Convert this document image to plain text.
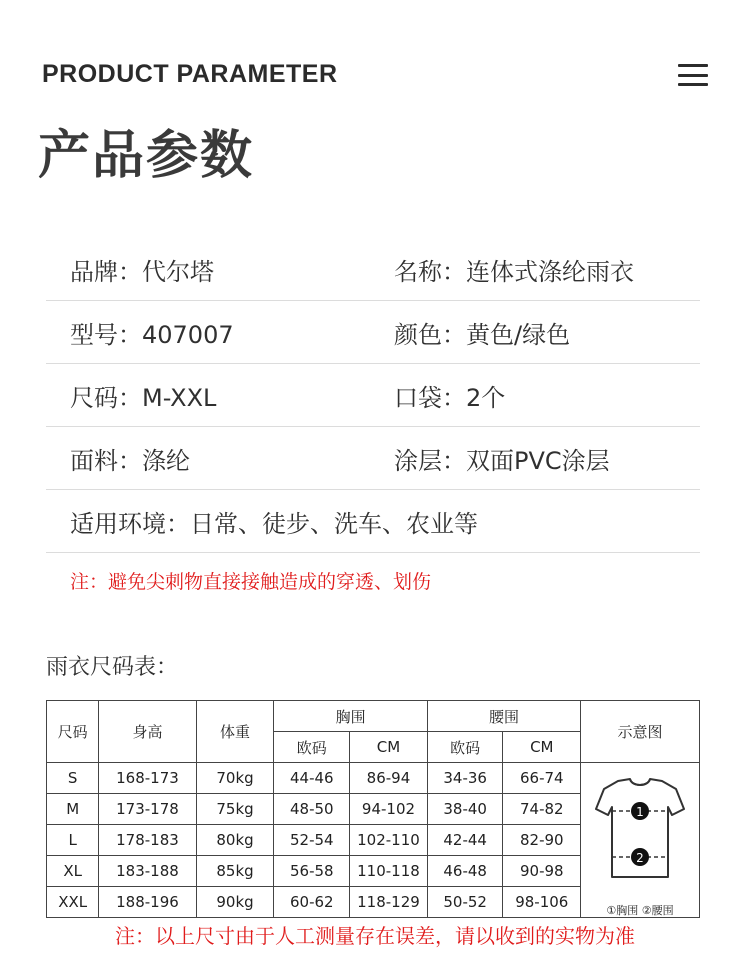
PRODUCT PARAMETER
产品参数
品牌： 代尔塔	名称： 连体式涤纶雨衣
型号： 407007	颜色： 黄色/绿色
尺码： M-XXL	口袋： 2个
面料： 涤纶	涂层： 双面PVC涂层
适用环境： 日常、徒步、洗车、农业等
注：避免尖刺物直接接触造成的穿透、划伤
雨衣尺码表：
尺码	身高	体重	胸围		腰围		示意图
			欧码	CM	欧码	CM	
S	168-173	70kg	44-46	86-94	34-36	66-74	1
2
①胸围 ②腰围

M	173-178	75kg	48-50	94-102	38-40	74-82	
L	178-183	80kg	52-54	102-110	42-44	82-90	
XL	183-188	85kg	56-58	110-118	46-48	90-98	
XXL	188-196	90kg	60-62	118-129	50-52	98-106	
注：以上尺寸由于人工测量存在误差，请以收到的实物为准
